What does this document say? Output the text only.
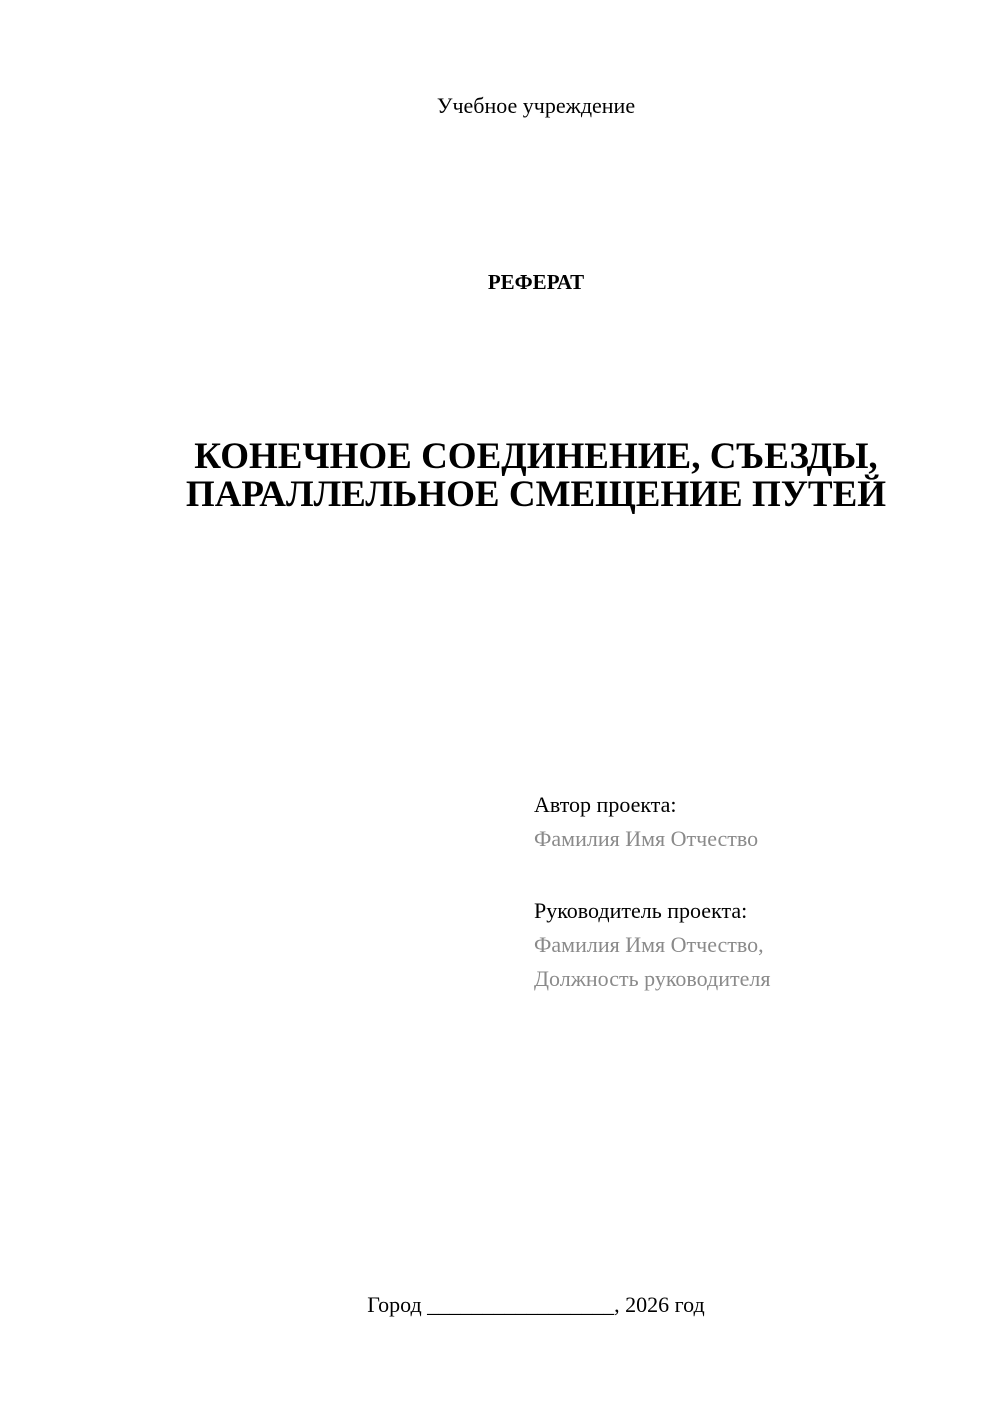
Учебное учреждение
РЕФЕРАТ
КОНЕЧНОЕ СОЕДИНЕНИЕ, СЪЕЗДЫ,
ПАРАЛЛЕЛЬНОЕ СМЕЩЕНИЕ ПУТЕЙ
Автор проекта:
Фамилия Имя Отчество
Руководитель проекта:
Фамилия Имя Отчество,
Должность руководителя
Город _________________, 2026 год
